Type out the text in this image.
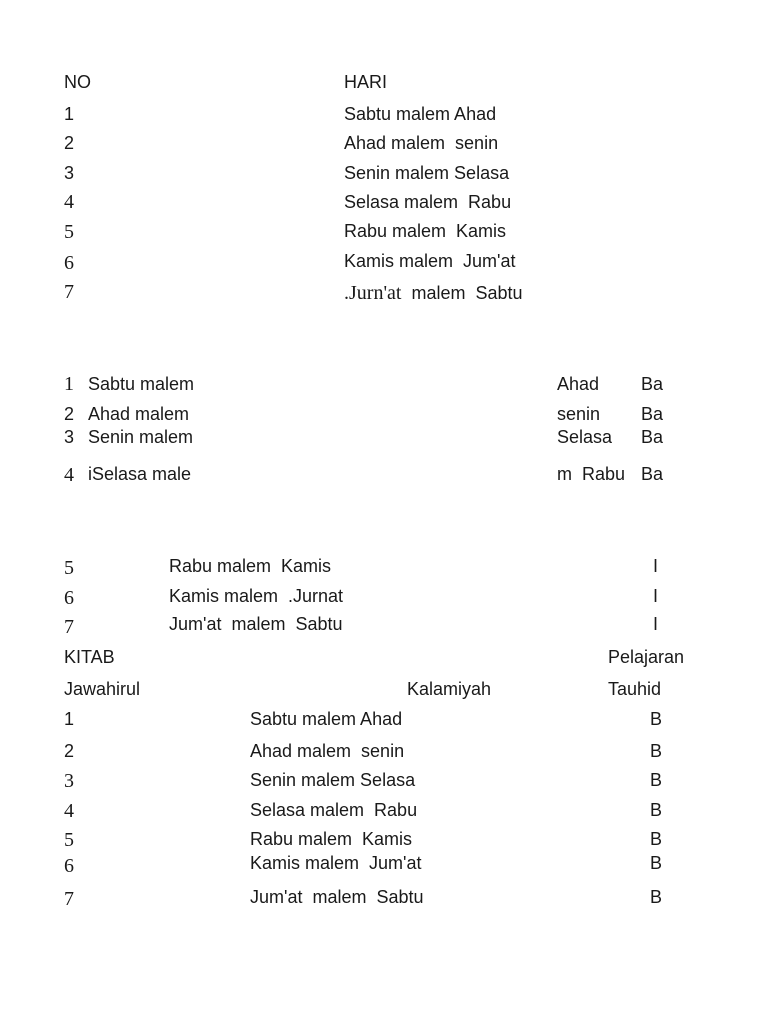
NO	HARI
1	Sabtu malem Ahad
2	Ahad malem  senin
3	Senin malem Selasa
4	Selasa malem  Rabu
5	Rabu malem  Kamis
6	Kamis malem  Jum'at
7	.Jurn'at  malem  Sabtu
1 Sabtu malem	Ahad Ba
2 Ahad malem	senin Ba
3 Senin malem	Selasa Ba
4 iSelasa male	m  Rabu Ba
5	Rabu malem  Kamis	I
6	Kamis malem  .Jurnat	I
7	Jum'at  malem  Sabtu	I
KITAB	Pelajaran
Jawahirul	Kalamiyah	Tauhid
1	Sabtu malem Ahad	B
2	Ahad malem  senin	B
3	Senin malem Selasa	B
4	Selasa malem  Rabu	B
5	Rabu malem  Kamis	B
6	Kamis malem  Jum'at	B
7	Jum'at  malem  Sabtu	B
